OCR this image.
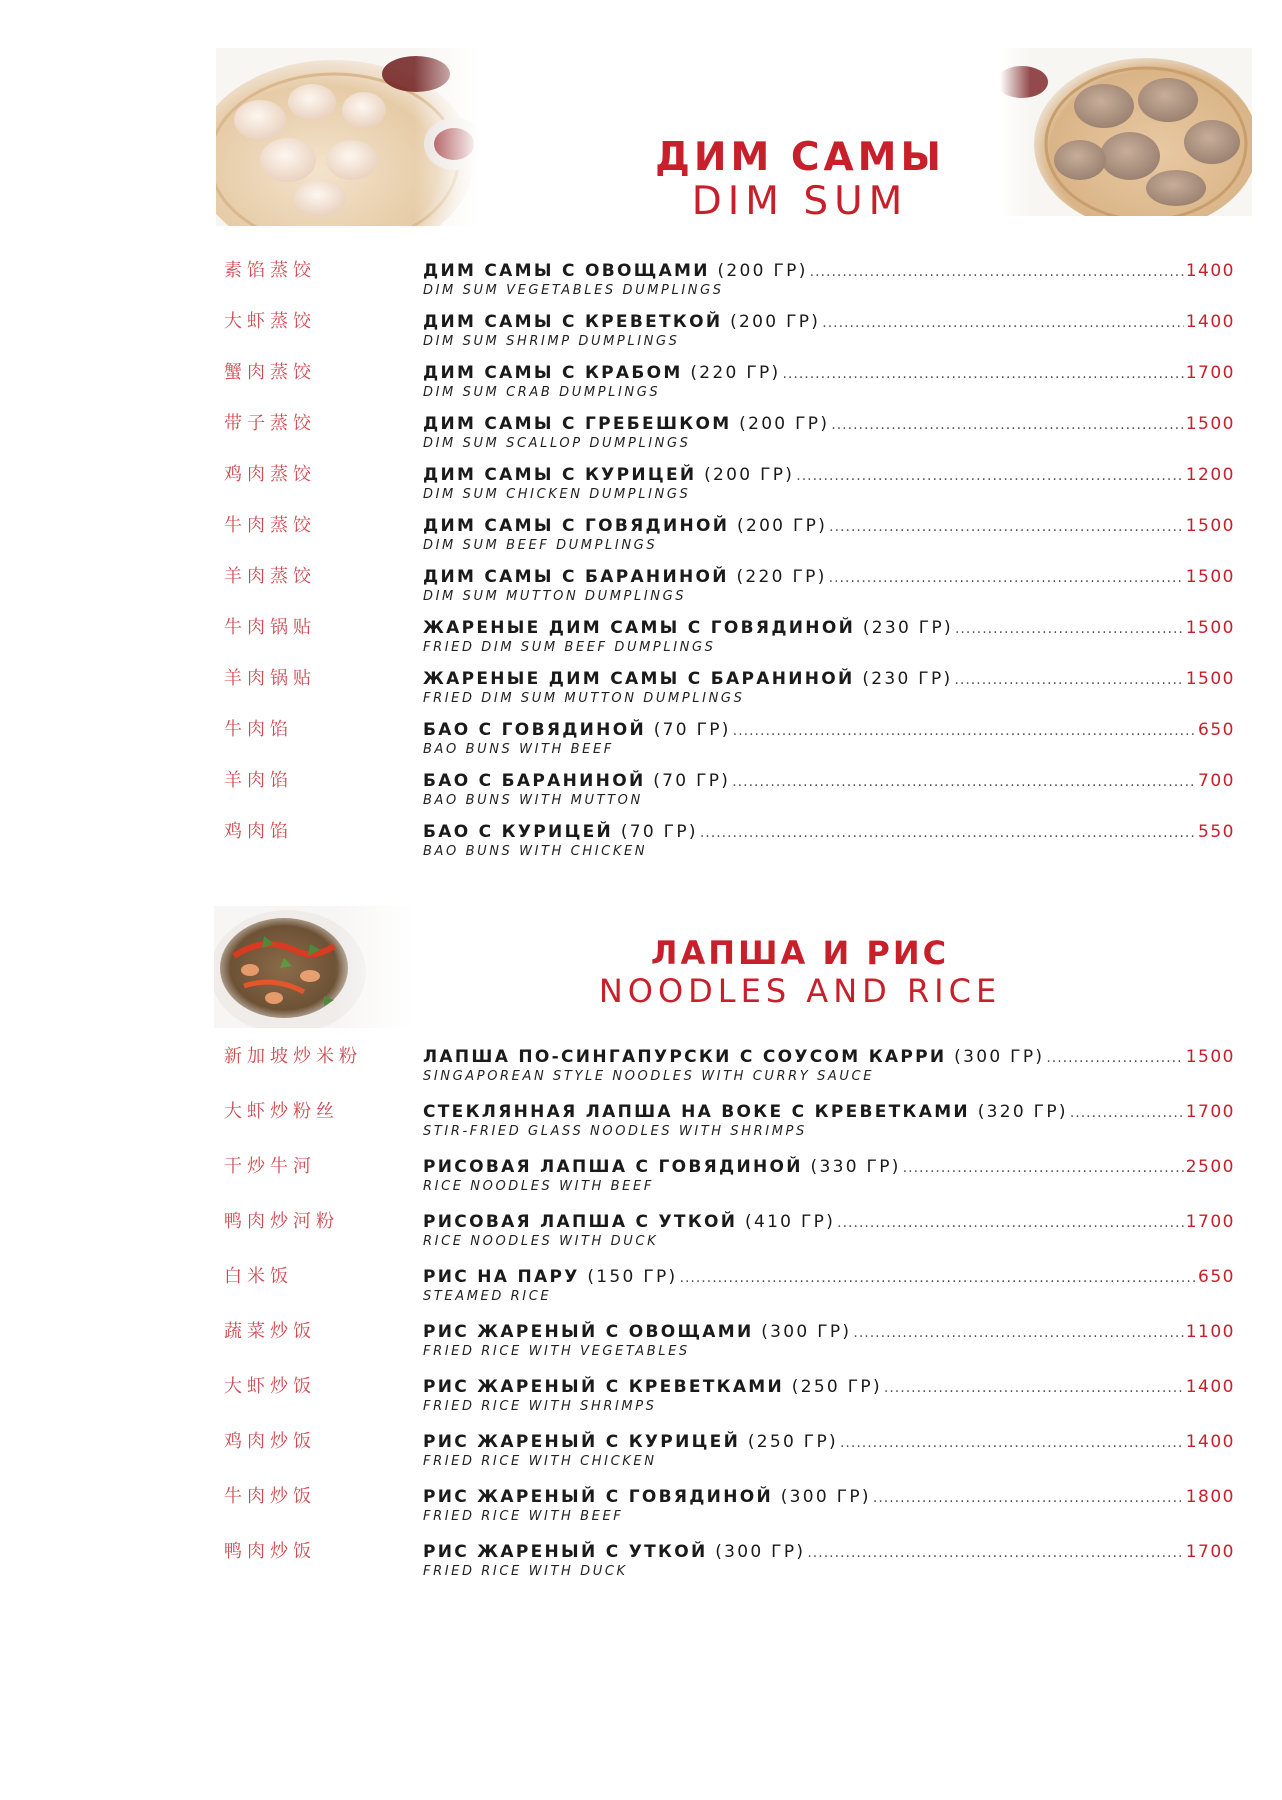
ДИМ САМЫ
DIM SUM
ЛАПША И РИС
NOODLES AND RICE
素馅蒸饺	ДИМ САМЫ С ОВОЩАМИ (200 ГР) .....	1400
DIM SUM VEGETABLES DUMPLINGS
大虾蒸饺	ДИМ САМЫ С КРЕВЕТКОЙ (200 ГР) .....	1400
DIM SUM SHRIMP DUMPLINGS
蟹肉蒸饺	ДИМ САМЫ С КРАБОМ (220 ГР) .....	1700
DIM SUM CRAB DUMPLINGS
带子蒸饺	ДИМ САМЫ С ГРЕБЕШКОМ (200 ГР) .....	1500
DIM SUM SCALLOP DUMPLINGS
鸡肉蒸饺	ДИМ САМЫ С КУРИЦЕЙ (200 ГР) .....	1200
DIM SUM CHICKEN DUMPLINGS
牛肉蒸饺	ДИМ САМЫ С ГОВЯДИНОЙ (200 ГР) .....	1500
DIM SUM BEEF DUMPLINGS
羊肉蒸饺	ДИМ САМЫ С БАРАНИНОЙ (220 ГР) .....	1500
DIM SUM MUTTON DUMPLINGS
牛肉锅贴	ЖАРЕНЫЕ ДИМ САМЫ С ГОВЯДИНОЙ (230 ГР) .....	1500
FRIED DIM SUM BEEF DUMPLINGS
羊肉锅贴	ЖАРЕНЫЕ ДИМ САМЫ С БАРАНИНОЙ (230 ГР) .....	1500
FRIED DIM SUM MUTTON DUMPLINGS
牛肉馅	БАО С ГОВЯДИНОЙ (70 ГР) .....	650
BAO BUNS WITH BEEF
羊肉馅	БАО С БАРАНИНОЙ (70 ГР) .....	700
BAO BUNS WITH MUTTON
鸡肉馅	БАО С КУРИЦЕЙ (70 ГР) .....	550
BAO BUNS WITH CHICKEN
新加坡炒米粉	ЛАПША ПО-СИНГАПУРСКИ С СОУСОМ КАРРИ (300 ГР) .....	1500
SINGAPOREAN STYLE NOODLES WITH CURRY SAUCE
大虾炒粉丝	СТЕКЛЯННАЯ ЛАПША НА ВОКЕ С КРЕВЕТКАМИ (320 ГР) .....	1700
STIR-FRIED GLASS NOODLES WITH SHRIMPS
干炒牛河	РИСОВАЯ ЛАПША С ГОВЯДИНОЙ (330 ГР) .....	2500
RICE NOODLES WITH BEEF
鸭肉炒河粉	РИСОВАЯ ЛАПША С УТКОЙ (410 ГР) .....	1700
RICE NOODLES WITH DUCK
白米饭	РИС НА ПАРУ (150 ГР) .....	650
STEAMED RICE
蔬菜炒饭	РИС ЖАРЕНЫЙ С ОВОЩАМИ (300 ГР) .....	1100
FRIED RICE WITH VEGETABLES
大虾炒饭	РИС ЖАРЕНЫЙ С КРЕВЕТКАМИ (250 ГР) .....	1400
FRIED RICE WITH SHRIMPS
鸡肉炒饭	РИС ЖАРЕНЫЙ С КУРИЦЕЙ (250 ГР) .....	1400
FRIED RICE WITH CHICKEN
牛肉炒饭	РИС ЖАРЕНЫЙ С ГОВЯДИНОЙ (300 ГР) .....	1800
FRIED RICE WITH BEEF
鸭肉炒饭	РИС ЖАРЕНЫЙ С УТКОЙ (300 ГР) .....	1700
FRIED RICE WITH DUCK
